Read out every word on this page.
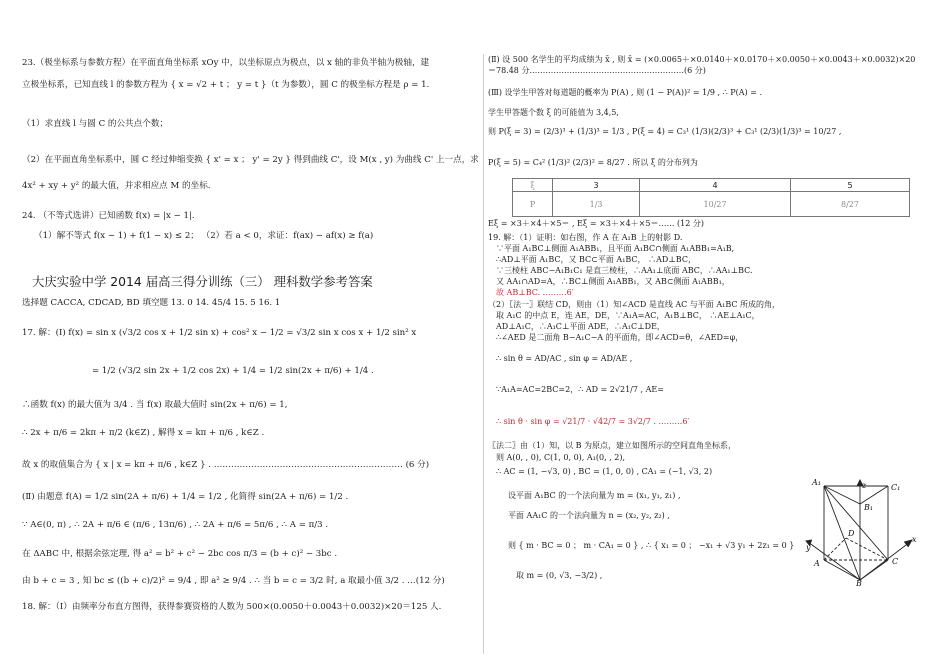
23.（极坐标系与参数方程）在平面直角坐标系 xOy 中，以坐标原点为极点，以 x 轴的非负半轴为极轴，建
立极坐标系，已知直线 l 的参数方程为 { x = √2 + t ； y = t }（t 为参数），圆 C 的极坐标方程是 ρ = 1.
（1）求直线 l 与圆 C 的公共点个数；
（2）在平面直角坐标系中，圆 C 经过伸缩变换 { x' = x ； y' = 2y } 得到曲线 C'，设 M(x , y) 为曲线 C' 上一点，求
4x² + xy + y² 的最大值，并求相应点 M 的坐标.
24. （不等式选讲）已知函数 f(x) = |x − 1|.
（1）解不等式 f(x − 1) + f(1 − x) ≤ 2； （2）若 a < 0，求证：f(ax) − af(x) ≥ f(a)
大庆实验中学 2014 届高三得分训练（三） 理科数学参考答案
选择题 CACCA, CDCAD, BD 填空题 13. 0 14. 45/4 15. 5 16. 1
17. 解：(Ⅰ) f(x) = sin x (√3/2 cos x + 1/2 sin x) + cos² x − 1/2 = √3/2 sin x cos x + 1/2 sin² x
= 1/2 (√3/2 sin 2x + 1/2 cos 2x) + 1/4 = 1/2 sin(2x + π/6) + 1/4 .
∴函数 f(x) 的最大值为 3/4 . 当 f(x) 取最大值时 sin(2x + π/6) = 1,
∴ 2x + π/6 = 2kπ + π/2 (k∈Z) , 解得 x = kπ + π/6 , k∈Z .
故 x 的取值集合为 { x | x = kπ + π/6 , k∈Z } . ………………………………………………………… (6 分)
(Ⅱ) 由题意 f(A) = 1/2 sin(2A + π/6) + 1/4 = 1/2 , 化简得 sin(2A + π/6) = 1/2 .
∵ A∈(0, π) , ∴ 2A + π/6 ∈ (π/6 , 13π/6) , ∴ 2A + π/6 = 5π/6 , ∴ A = π/3 .
在 ΔABC 中, 根据余弦定理, 得 a² = b² + c² − 2bc cos π/3 = (b + c)² − 3bc .
由 b + c = 3 , 知 bc ≤ ((b + c)/2)² = 9/4 , 即 a² ≥ 9/4 . ∴ 当 b = c = 3/2 时, a 取最小值 3/2 . …(12 分)
18. 解：（Ⅰ）由频率分布直方图得，获得参赛资格的人数为 500×(0.0050＋0.0043＋0.0032)×20＝125 人.
(Ⅱ) 设 500 名学生的平均成绩为 x̄ , 则 x̄ = (×0.0065＋×0.0140＋×0.0170＋×0.0050＋×0.0043＋×0.0032)×20
＝78.48 分.…………………………………………………(6 分)
(Ⅲ) 设学生甲答对每道题的概率为 P(A) , 则 (1 − P(A))² = 1/9 , ∴ P(A) = .
学生甲答题个数 ξ 的可能值为 3,4,5,
则 P(ξ = 3) = (2/3)³ + (1/3)³ = 1/3 , P(ξ = 4) = C₃¹ (1/3)(2/3)³ + C₃¹ (2/3)(1/3)³ = 10/27 ,
P(ξ = 5) = C₄² (1/3)² (2/3)² = 8/27 . 所以 ξ 的分布列为
ξ	3	4	5
P	1/3	10/27	8/27
Eξ = ×3＋×4＋×5＝ , Eξ = ×3＋×4＋×5＝…… (12 分)
19. 解：（1）证明：如右图，作 A 在 A₁B 上的射影 D.
∵平面 A₁BC⊥侧面 A₁ABB₁，且平面 A₁BC∩侧面 A₁ABB₁=A₁B,
∴AD⊥平面 A₁BC，又 BC⊂平面 A₁BC， ∴AD⊥BC，
∵三棱柱 ABC−A₁B₁C₁ 是直三棱柱，∴AA₁⊥底面 ABC，∴AA₁⊥BC.
又 AA₁∩AD=A，∴BC⊥侧面 A₁ABB₁，又 AB⊂侧面 A₁ABB₁，
故 AB⊥BC. ………6′
（2）〖法一〗联结 CD，则由（1）知∠ACD 是直线 AC 与平面 A₁BC 所成的角，
取 A₁C 的中点 E，连 AE，DE，∵A₁A=AC，A₁B⊥BC， ∴AE⊥A₁C，
AD⊥A₁C，∴A₁C⊥平面 ADE，∴A₁C⊥DE，
∴∠AED 是二面角 B−A₁C−A 的平面角，即∠ACD=θ，∠AED=φ，
∴ sin θ = AD/AC , sin φ = AD/AE ,
∵A₁A=AC=2BC=2，∴ AD = 2√21/7 , AE=
∴ sin θ · sin φ = √21/7 · √42/7 = 3√2/7 . ………6′
〖法二〗由（1）知，以 B 为原点，建立如图所示的空间直角坐标系，
则 A(0, , 0), C(1, 0, 0), A₁(0, , 2),
∴ AC = (1, −√3, 0) , BC = (1, 0, 0) , CA₁ = (−1, √3, 2)
设平面 A₁BC 的一个法向量为 m = (x₁, y₁, z₁) ,
平面 AA₁C 的一个法向量为 n = (x₂, y₂, z₂) ,
则 { m · BC = 0 ； m · CA₁ = 0 } , ∴ { x₁ = 0 ； −x₁ + √3 y₁ + 2z₁ = 0 }
取 m = (0, √3, −3/2) ,
z
A₁
C₁
B₁
D
y
x
A	C
B
